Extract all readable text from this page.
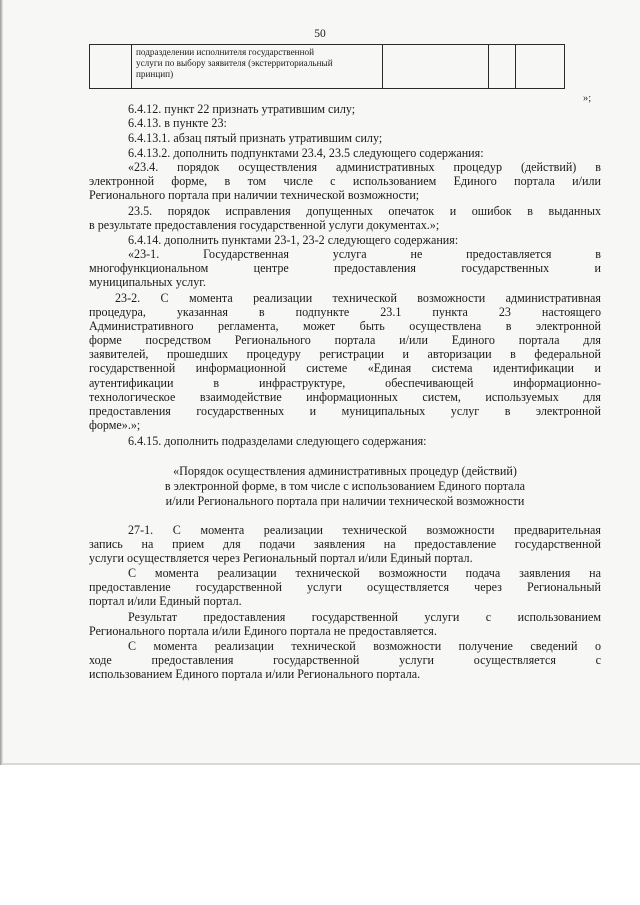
50

подразделении исполнителя государственной
услуги по выбору заявителя (экстерриториальный
принцип)

»;

6.4.12. пункт 22 признать утратившим силу;

6.4.13. в пункте 23:

6.4.13.1. абзац пятый признать утратившим силу;

6.4.13.2. дополнить подпунктами 23.4, 23.5 следующего содержания:

«23.4. порядок осуществления административных процедур (действий) в

электронной форме, в том числе с использованием Единого портала и/или

Регионального портала при наличии технической возможности;

23.5. порядок исправления допущенных опечаток и ошибок в выданных

в результате предоставления государственной услуги документах.»;

6.4.14. дополнить пунктами 23-1, 23-2 следующего содержания:

«23-1. Государственная услуга не предоставляется в

многофункциональном центре предоставления государственных и

муниципальных услуг.

23-2. С момента реализации технической возможности административная

процедура, указанная в подпункте 23.1 пункта 23 настоящего

Административного регламента, может быть осуществлена в электронной

форме посредством Регионального портала и/или Единого портала для

заявителей, прошедших процедуру регистрации и авторизации в федеральной

государственной информационной системе «Единая система идентификации и

аутентификации в инфраструктуре, обеспечивающей информационно-

технологическое взаимодействие информационных систем, используемых для

предоставления государственных и муниципальных услуг в электронной

форме».»;

6.4.15. дополнить подразделами следующего содержания:

«Порядок осуществления административных процедур (действий)

в электронной форме, в том числе с использованием Единого портала

и/или Регионального портала при наличии технической возможности

27-1. С момента реализации технической возможности предварительная

запись на прием для подачи заявления на предоставление государственной

услуги осуществляется через Региональный портал и/или Единый портал.

С момента реализации технической возможности подача заявления на

предоставление государственной услуги осуществляется через Региональный

портал и/или Единый портал.

Результат предоставления государственной услуги с использованием

Регионального портала и/или Единого портала не предоставляется.

С момента реализации технической возможности получение сведений о

ходе предоставления государственной услуги осуществляется с

использованием Единого портала и/или Регионального портала.
